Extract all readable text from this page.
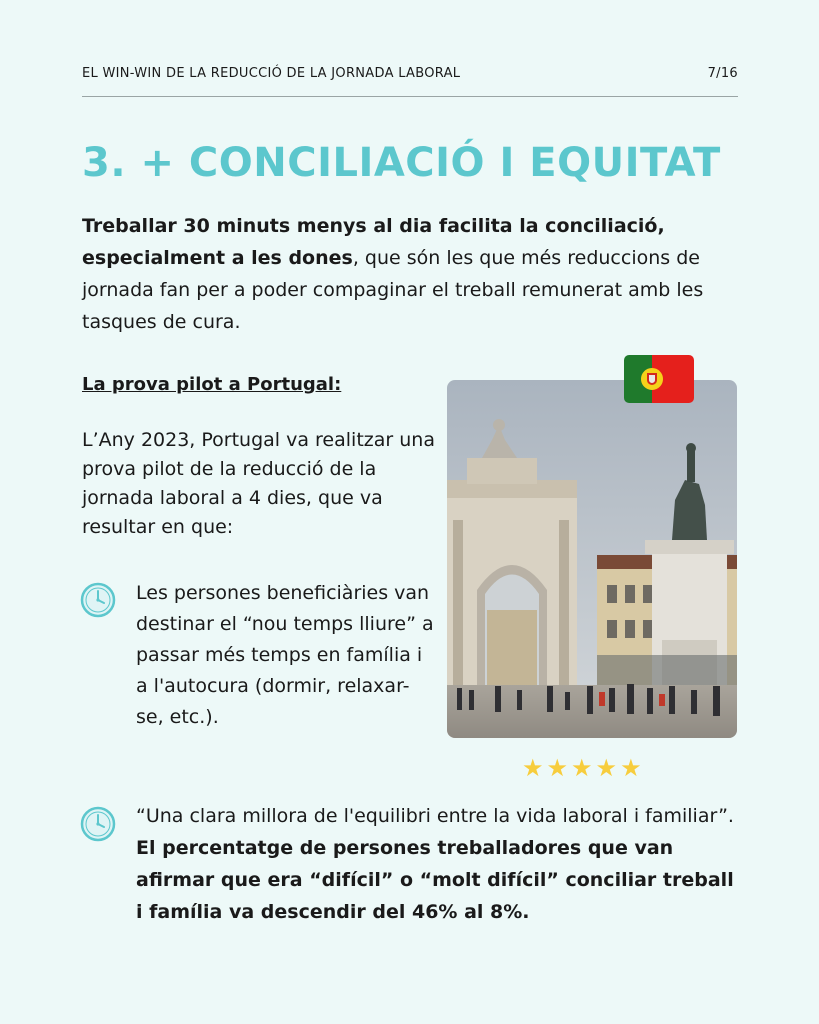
EL WIN-WIN DE LA REDUCCIÓ DE LA JORNADA LABORAL	7/16
3. + CONCILIACIÓ I EQUITAT

Treballar 30 minuts menys al dia facilita la conciliació, especialment a les dones, que són les que més reduccions de jornada fan per a poder compaginar el treball remunerat amb les tasques de cura.

La prova pilot a Portugal:

L’Any 2023, Portugal va realitzar una prova pilot de la reducció de la jornada laboral a 4 dies, que va resultar en que:

Les persones beneficiàries van destinar el “nou temps lliure” a passar més temps en família i a l'autocura (dormir, relaxar-se, etc.).

“Una clara millora de l'equilibri entre la vida laboral i familiar”. El percentatge de persones treballadores que van afirmar que era “difícil” o “molt difícil” conciliar treball i família va descendir del 46% al 8%.

★★★★★
